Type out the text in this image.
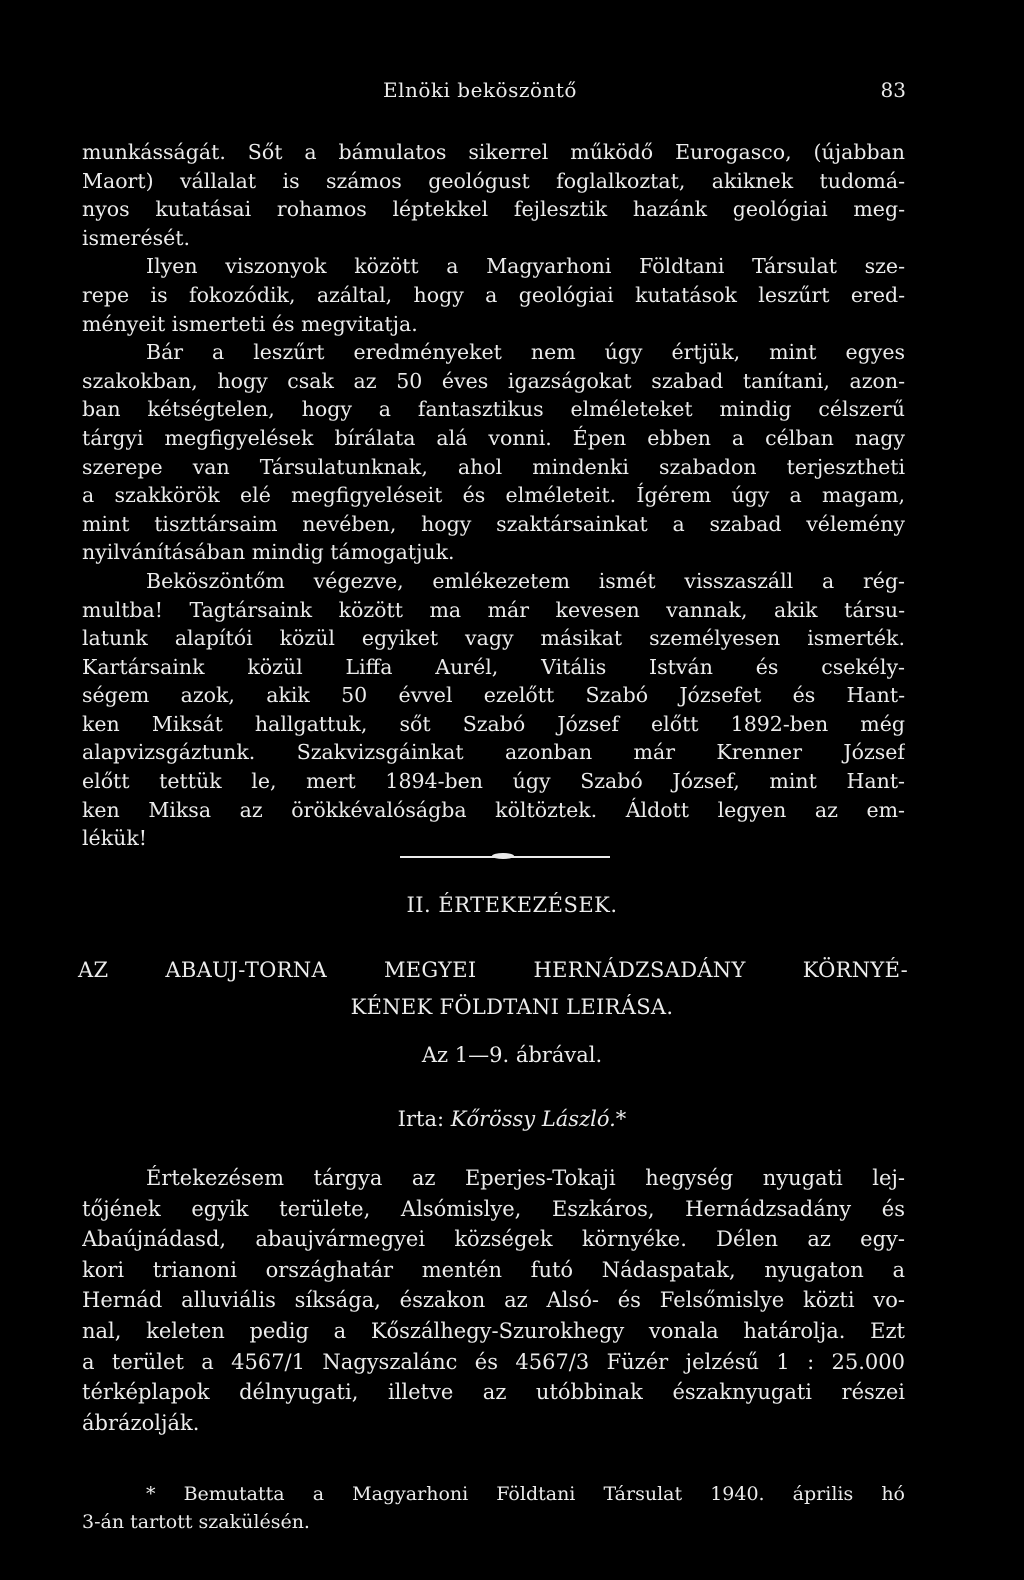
Elnöki beköszöntő	83
munkásságát. Sőt a bámulatos sikerrel működő Eurogasco, (újabban
Maort) vállalat is számos geológust foglalkoztat, akiknek tudomá-
nyos kutatásai rohamos léptekkel fejlesztik hazánk geológiai meg-
ismerését.
Ilyen viszonyok között a Magyarhoni Földtani Társulat sze-
repe is fokozódik, azáltal, hogy a geológiai kutatások leszűrt ered-
ményeit ismerteti és megvitatja.
Bár a leszűrt eredményeket nem úgy értjük, mint egyes
szakokban, hogy csak az 50 éves igazságokat szabad tanítani, azon-
ban kétségtelen, hogy a fantasztikus elméleteket mindig célszerű
tárgyi megfigyelések bírálata alá vonni. Épen ebben a célban nagy
szerepe van Társulatunknak, ahol mindenki szabadon terjesztheti
a szakkörök elé megfigyeléseit és elméleteit. Ígérem úgy a magam,
mint tiszttársaim nevében, hogy szaktársainkat a szabad vélemény
nyilvánításában mindig támogatjuk.
Beköszöntőm végezve, emlékezetem ismét visszaszáll a rég-
multba! Tagtársaink között ma már kevesen vannak, akik társu-
latunk alapítói közül egyiket vagy másikat személyesen ismerték.
Kartársaink közül Liffa Aurél, Vitális István és csekély-
ségem azok, akik 50 évvel ezelőtt Szabó Józsefet és Hant-
ken Miksát hallgattuk, sőt Szabó József előtt 1892-ben még
alapvizsgáztunk. Szakvizsgáinkat azonban már Krenner József
előtt tettük le, mert 1894-ben úgy Szabó József, mint Hant-
ken Miksa az örökkévalóságba költöztek. Áldott legyen az em-
lékük!
II. ÉRTEKEZÉSEK.
AZ ABAUJ-TORNA MEGYEI HERNÁDZSADÁNY KÖRNYÉ-
KÉNEK FÖLDTANI LEIRÁSA.
Az 1—9. ábrával.
Irta: Kőrössy László.*
Értekezésem tárgya az Eperjes-Tokaji hegység nyugati lej-
tőjének egyik területe, Alsómislye, Eszkáros, Hernádzsadány és
Abaújnádasd, abaujvármegyei községek környéke. Délen az egy-
kori trianoni országhatár mentén futó Nádaspatak, nyugaton a
Hernád alluviális síksága, északon az Alsó- és Felsőmislye közti vo-
nal, keleten pedig a Kőszálhegy-Szurokhegy vonala határolja. Ezt
a terület a 4567/1 Nagyszalánc és 4567/3 Füzér jelzésű 1 : 25.000
térképlapok délnyugati, illetve az utóbbinak északnyugati részei
ábrázolják.
* Bemutatta a Magyarhoni Földtani Társulat 1940. április hó
3-án tartott szakülésén.
